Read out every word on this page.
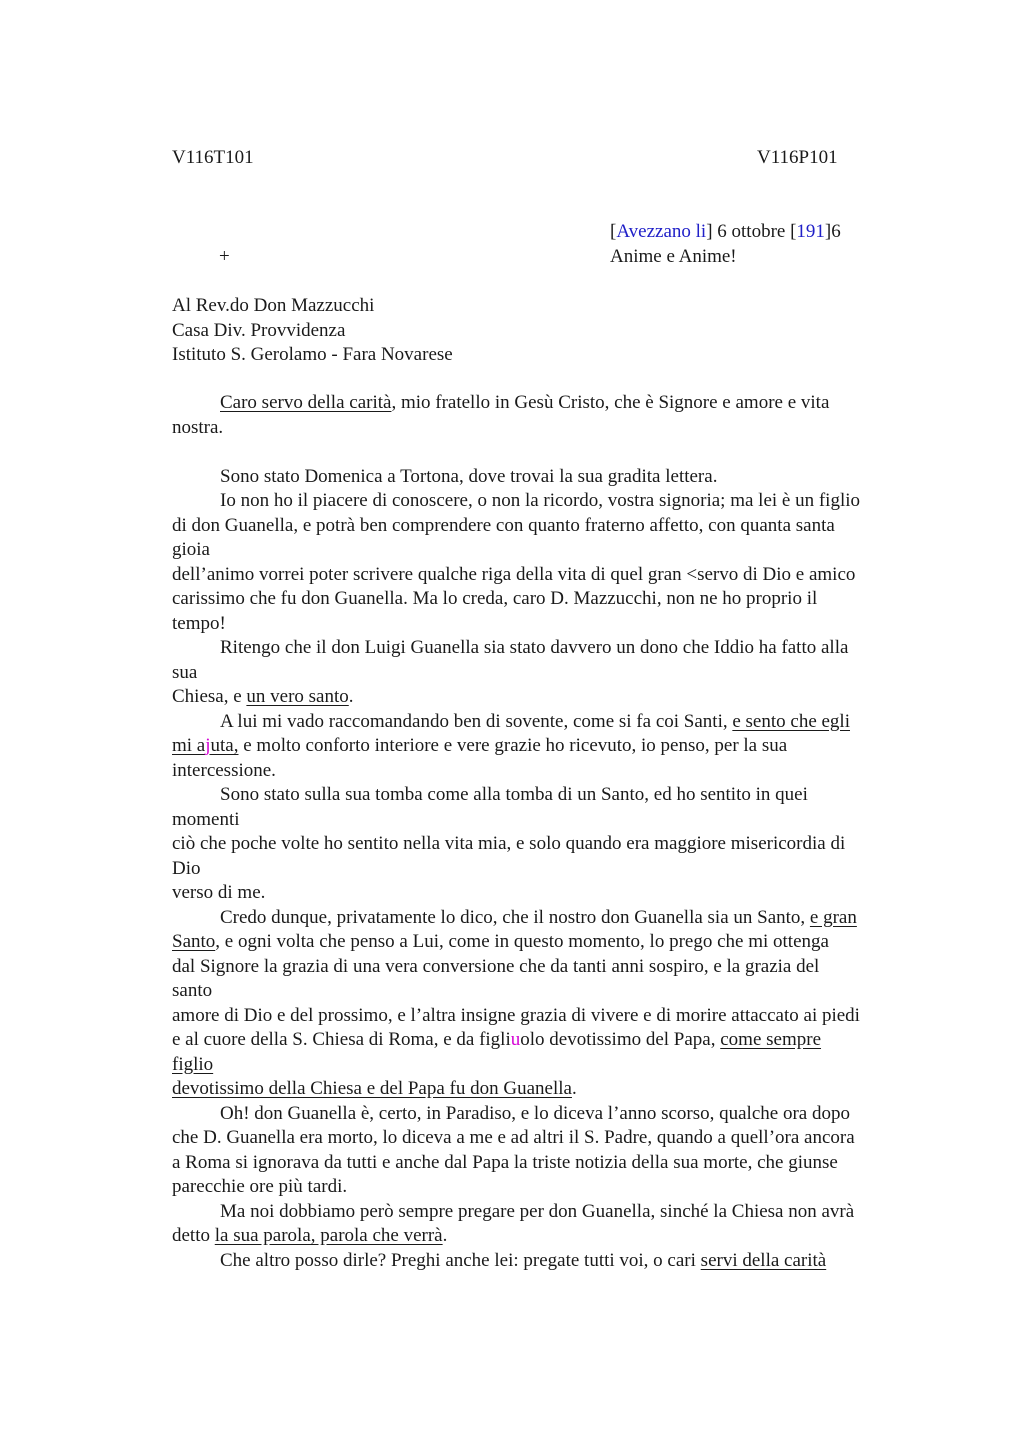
V116T101	V116P101
[Avezzano li] 6 ottobre [191]6
+	Anime e Anime!
Al Rev.do Don Mazzucchi
Casa Div. Provvidenza
Istituto S. Gerolamo - Fara Novarese
Caro servo della carità, mio fratello in Gesù Cristo, che è Signore e amore e vita
nostra.
Sono stato Domenica a Tortona, dove trovai la sua gradita lettera.
Io non ho il piacere di conoscere, o non la ricordo, vostra signoria; ma lei è un figlio
di don Guanella, e potrà ben comprendere con quanto fraterno affetto, con quanta santa
gioia
dell’animo vorrei poter scrivere qualche riga della vita di quel gran <servo di Dio e amico
carissimo che fu don Guanella. Ma lo creda, caro D. Mazzucchi, non ne ho proprio il
tempo!
Ritengo che il don Luigi Guanella sia stato davvero un dono che Iddio ha fatto alla
sua
Chiesa, e un vero santo.
A lui mi vado raccomandando ben di sovente, come si fa coi Santi, e sento che egli
mi ajuta, e molto conforto interiore e vere grazie ho ricevuto, io penso, per la sua
intercessione.
Sono stato sulla sua tomba come alla tomba di un Santo, ed ho sentito in quei
momenti
ciò che poche volte ho sentito nella vita mia, e solo quando era maggiore misericordia di
Dio
verso di me.
Credo dunque, privatamente lo dico, che il nostro don Guanella sia un Santo, e gran
Santo, e ogni volta che penso a Lui, come in questo momento, lo prego che mi ottenga
dal Signore la grazia di una vera conversione che da tanti anni sospiro, e la grazia del
santo
amore di Dio e del prossimo, e l’altra insigne grazia di vivere e di morire attaccato ai piedi
e al cuore della S. Chiesa di Roma, e da figliuolo devotissimo del Papa, come sempre
figlio
devotissimo della Chiesa e del Papa fu don Guanella.
Oh! don Guanella è, certo, in Paradiso, e lo diceva l’anno scorso, qualche ora dopo
che D. Guanella era morto, lo diceva a me e ad altri il S. Padre, quando a quell’ora ancora
a Roma si ignorava da tutti e anche dal Papa la triste notizia della sua morte, che giunse
parecchie ore più tardi.
Ma noi dobbiamo però sempre pregare per don Guanella, sinché la Chiesa non avrà
detto la sua parola, parola che verrà.
Che altro posso dirle? Preghi anche lei: pregate tutti voi, o cari servi della carità
